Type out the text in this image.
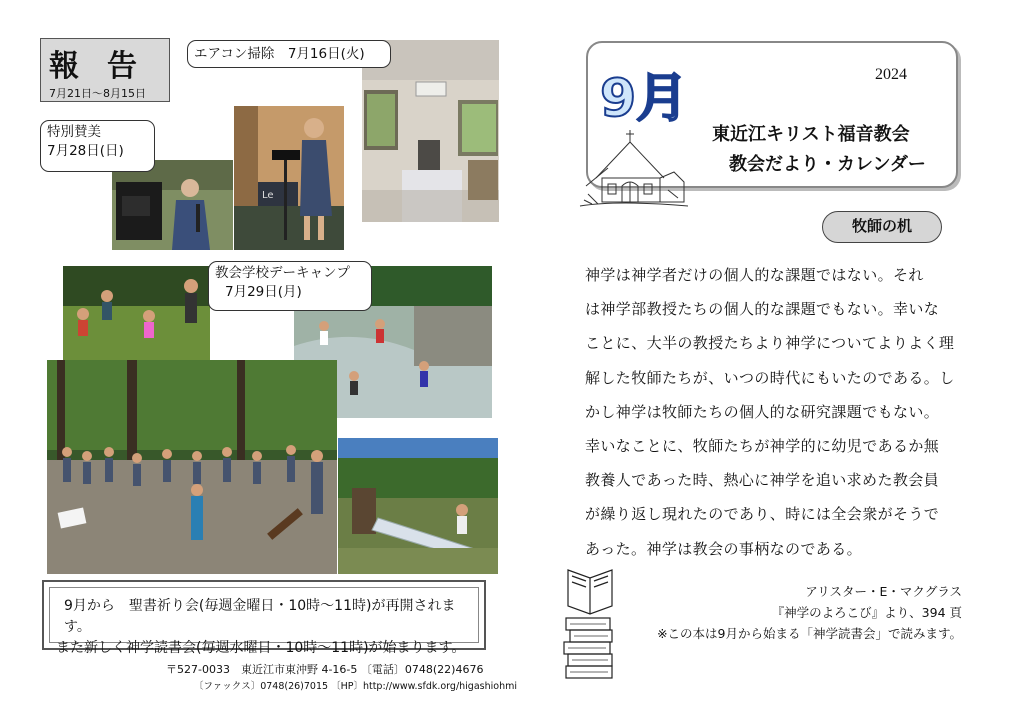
報告
7月21日～8月15日
エアコン掃除　7月16日(火)
特別賛美
7月28日(日)
教会学校デーキャンプ
7月29日(月)
Le
9月から　聖書祈り会(毎週金曜日・10時～11時)が再開されます。
また新しく神学読書会(毎週水曜日・10時～11時)が始まります。
〒527-0033　東近江市東沖野 4-16-5 〔電話〕0748(22)4676
〔ファックス〕0748(26)7015 〔HP〕http://www.sfdk.org/higashiohmi
9月	2024
東近江キリスト福音教会
教会だより・カレンダー
牧師の机

神学は神学者だけの個人的な課題ではない。それ

は神学部教授たちの個人的な課題でもない。幸いな

ことに、大半の教授たちより神学についてよりよく理

解した牧師たちが、いつの時代にもいたのである。し

かし神学は牧師たちの個人的な研究課題でもない。

幸いなことに、牧師たちが神学的に幼児であるか無

教養人であった時、熱心に神学を追い求めた教会員

が繰り返し現れたのであり、時には全会衆がそうで

あった。神学は教会の事柄なのである。

アリスター・E・マクグラス
『神学のよろこび』より、394 頁
※この本は9月から始まる「神学読書会」で読みます。
